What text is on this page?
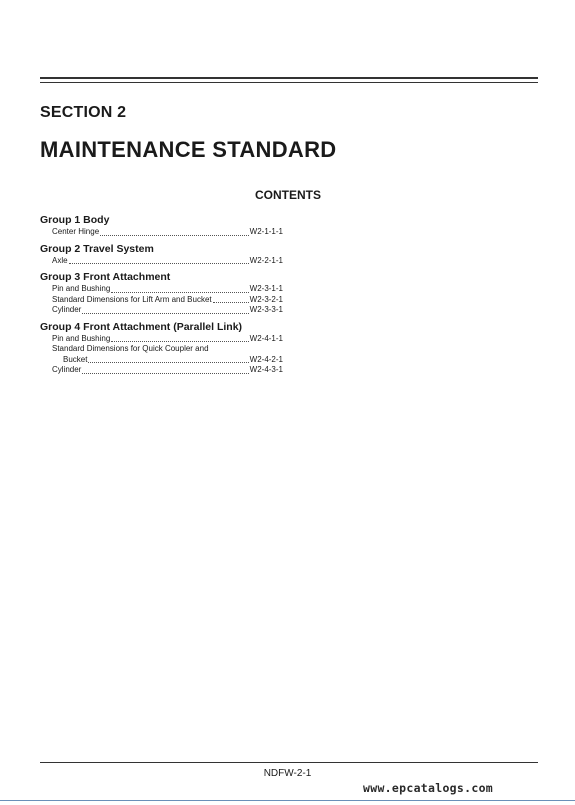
SECTION 2
MAINTENANCE STANDARD
CONTENTS
Group 1 Body
Center Hinge	W2-1-1-1
Group 2 Travel System
Axle	W2-2-1-1
Group 3 Front Attachment
Pin and Bushing	W2-3-1-1
Standard Dimensions for Lift Arm and Bucket	W2-3-2-1
Cylinder	W2-3-3-1
Group 4 Front Attachment (Parallel Link)
Pin and Bushing	W2-4-1-1
Standard Dimensions for Quick Coupler and
Bucket	W2-4-2-1
Cylinder	W2-4-3-1
NDFW-2-1
www.epcatalogs.com
